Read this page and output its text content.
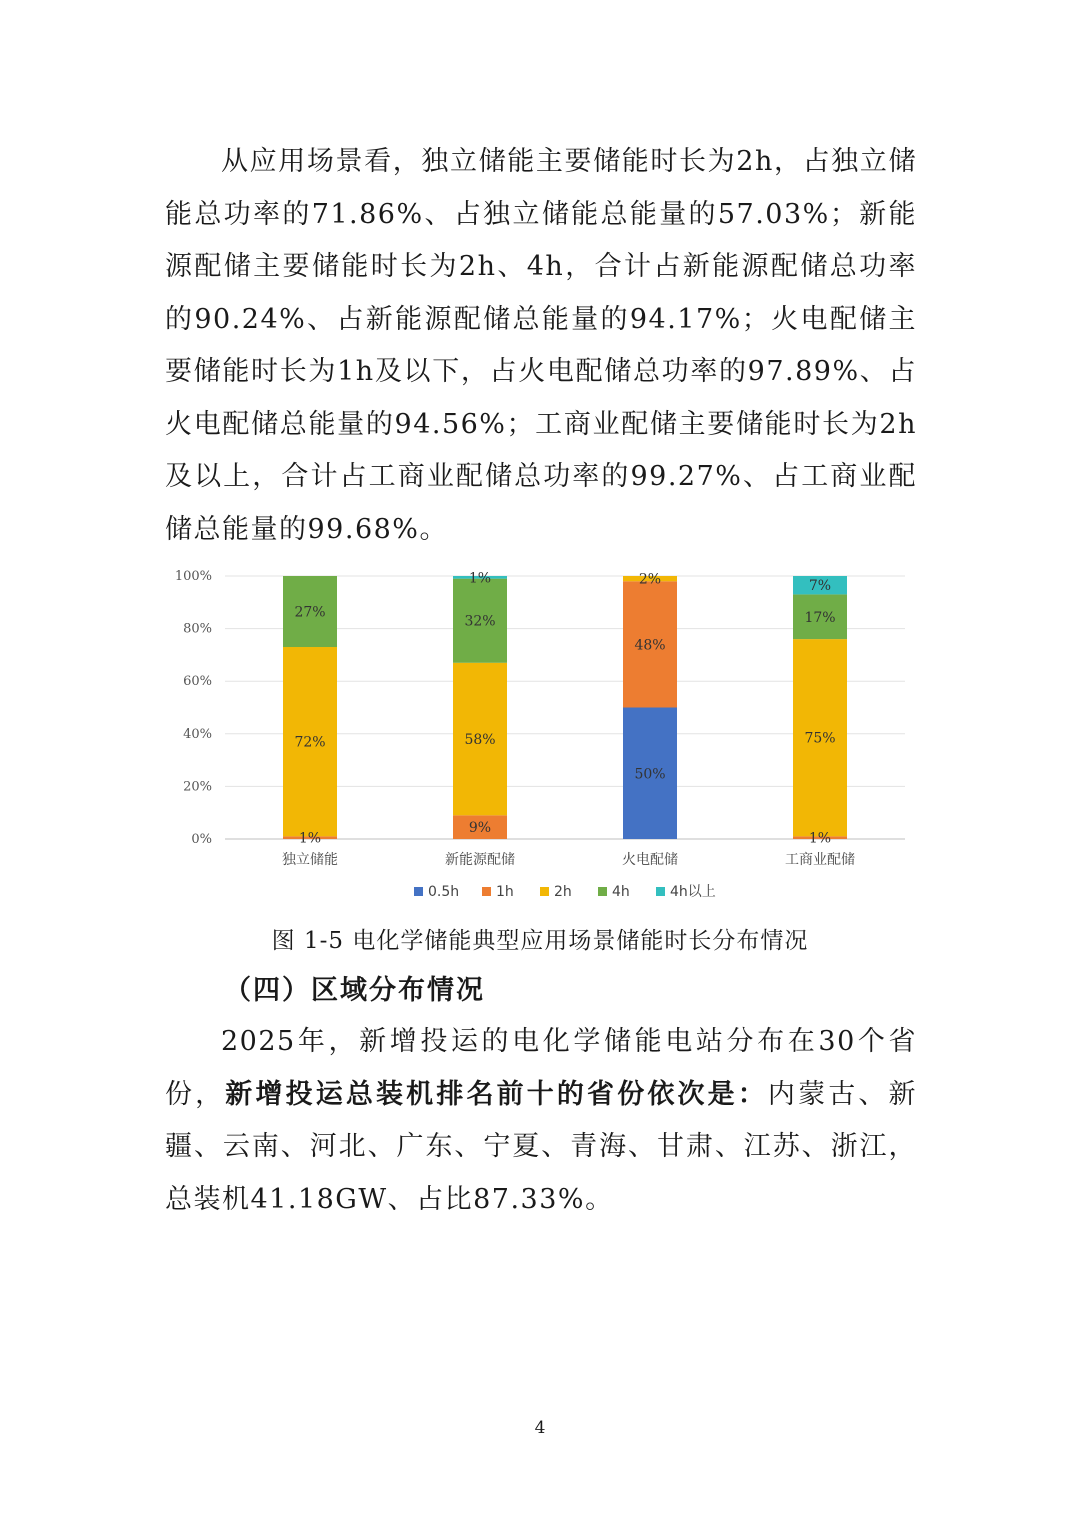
从应用场景看，独立储能主要储能时长为2h，占独立储能总功率的71.86%、占独立储能总能量的57.03%；新能源配储主要储能时长为2h、4h，合计占新能源配储总功率的90.24%、占新能源配储总能量的94.17%；火电配储主要储能时长为1h及以下，占火电配储总功率的97.89%、占火电配储总能量的94.56%；工商业配储主要储能时长为2h及以上，合计占工商业配储总功率的99.27%、占工商业配储总能量的99.68%。

0%
20%
40%
60%
80%
100%
1%
72%
27%
9%
58%
32%
1%
50%
48%
2%
1%
75%
17%
7%
独立储能	新能源配储	火电配储	工商业配储
0.5h	1h	2h	4h	4h以上
图 1-5 电化学储能典型应用场景储能时长分布情况
（四）区域分布情况

2025年，新增投运的电化学储能电站分布在30个省份，新增投运总装机排名前十的省份依次是：内蒙古、新疆、云南、河北、广东、宁夏、青海、甘肃、江苏、浙江，总装机41.18GW、占比87.33%。

4
